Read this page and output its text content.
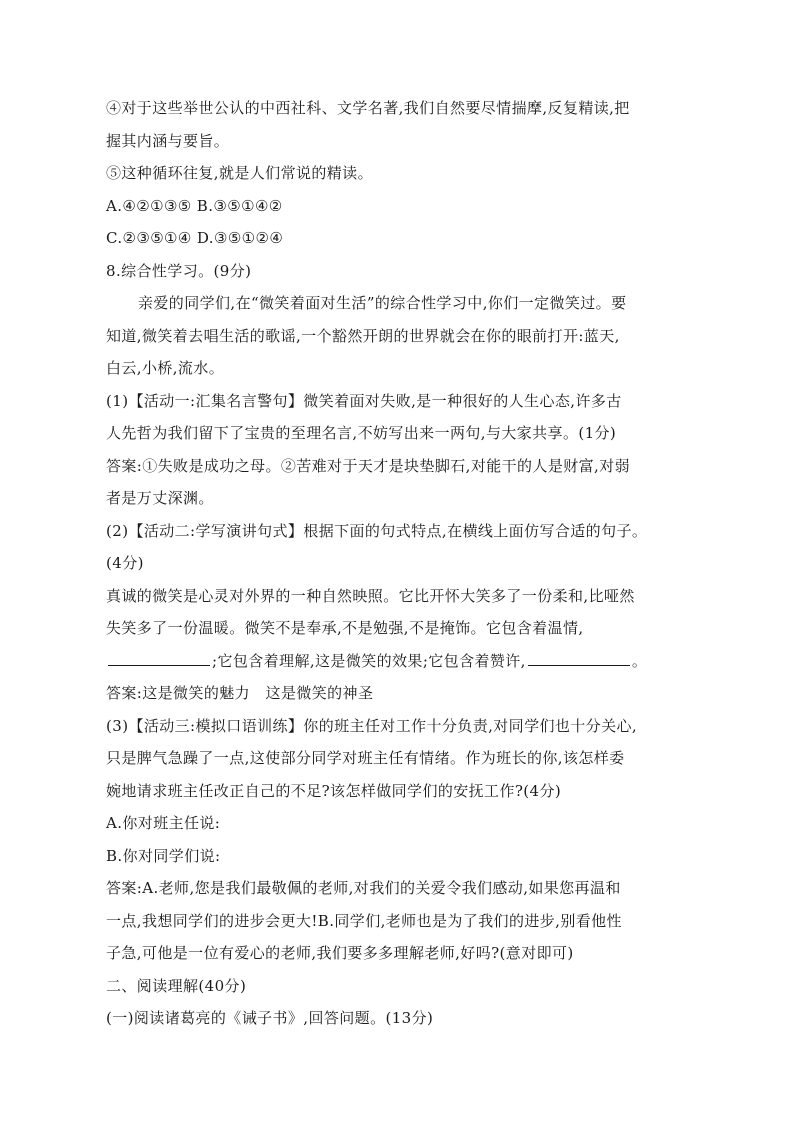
④对于这些举世公认的中西社科、文学名著,我们自然要尽情揣摩,反复精读,把

握其内涵与要旨。

⑤这种循环往复,就是人们常说的精读。

A.④②①③⑤ B.③⑤①④②

C.②③⑤①④ D.③⑤①②④

8.综合性学习。(9分)

亲爱的同学们,在“微笑着面对生活”的综合性学习中,你们一定微笑过。要

知道,微笑着去唱生活的歌谣,一个豁然开朗的世界就会在你的眼前打开:蓝天,

白云,小桥,流水。

(1)【活动一:汇集名言警句】微笑着面对失败,是一种很好的人生心态,许多古

人先哲为我们留下了宝贵的至理名言,不妨写出来一两句,与大家共享。(1分)

答案:①失败是成功之母。②苦难对于天才是块垫脚石,对能干的人是财富,对弱

者是万丈深渊。

(2)【活动二:学写演讲句式】根据下面的句式特点,在横线上面仿写合适的句子。

(4分)

真诚的微笑是心灵对外界的一种自然映照。它比开怀大笑多了一份柔和,比哑然

失笑多了一份温暖。微笑不是奉承,不是勉强,不是掩饰。它包含着温情,

;它包含着理解,这是微笑的效果;它包含着赞许,	。

答案:这是微笑的魅力   这是微笑的神圣

(3)【活动三:模拟口语训练】你的班主任对工作十分负责,对同学们也十分关心,

只是脾气急躁了一点,这使部分同学对班主任有情绪。作为班长的你,该怎样委

婉地请求班主任改正自己的不足?该怎样做同学们的安抚工作?(4分)

A.你对班主任说:

B.你对同学们说:

答案:A.老师,您是我们最敬佩的老师,对我们的关爱令我们感动,如果您再温和

一点,我想同学们的进步会更大!B.同学们,老师也是为了我们的进步,别看他性

子急,可他是一位有爱心的老师,我们要多多理解老师,好吗?(意对即可)

二、阅读理解(40分)

(一)阅读诸葛亮的《诫子书》,回答问题。(13分)
